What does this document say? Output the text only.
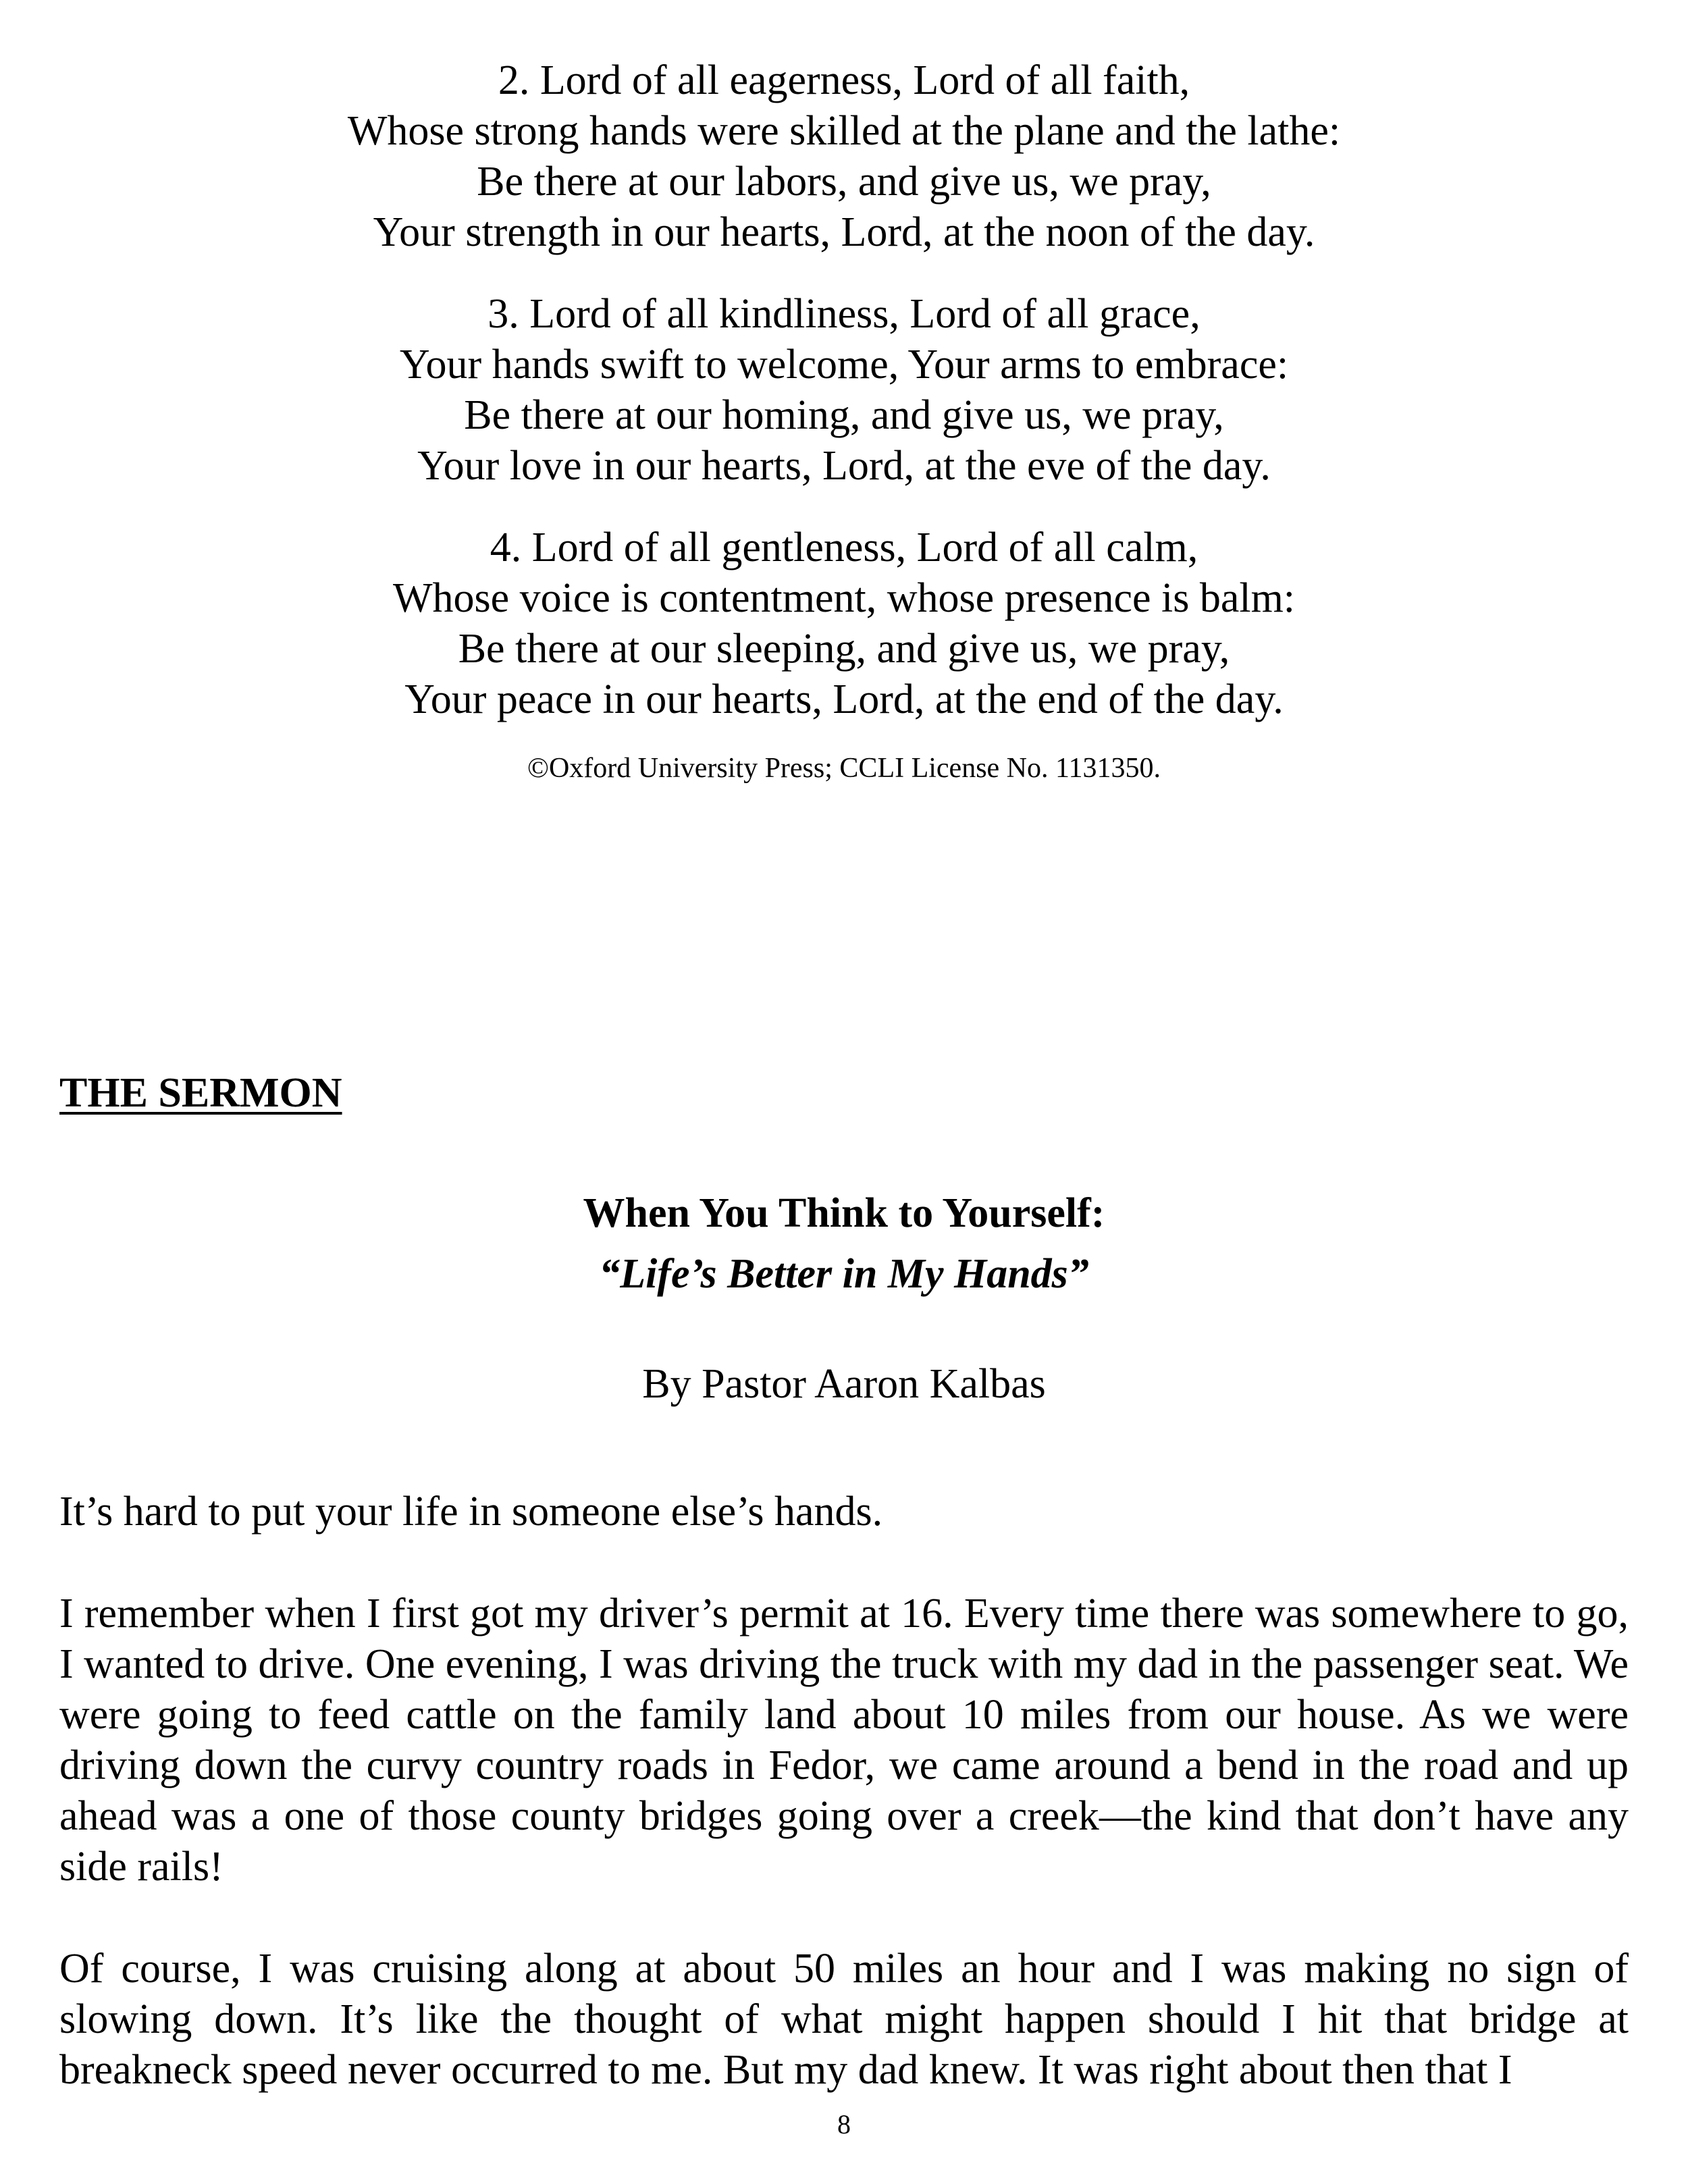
2. Lord of all eagerness, Lord of all faith,
Whose strong hands were skilled at the plane and the lathe:
Be there at our labors, and give us, we pray,
Your strength in our hearts, Lord, at the noon of the day.
3. Lord of all kindliness, Lord of all grace,
Your hands swift to welcome, Your arms to embrace:
Be there at our homing, and give us, we pray,
Your love in our hearts, Lord, at the eve of the day.
4. Lord of all gentleness, Lord of all calm,
Whose voice is contentment, whose presence is balm:
Be there at our sleeping, and give us, we pray,
Your peace in our hearts, Lord, at the end of the day.
©Oxford University Press; CCLI License No. 1131350.
THE SERMON
When You Think to Yourself:
“Life’s Better in My Hands”
By Pastor Aaron Kalbas

It’s hard to put your life in someone else’s hands.

I remember when I first got my driver’s permit at 16. Every time there was somewhere to go, I wanted to drive. One evening, I was driving the truck with my dad in the passenger seat. We were going to feed cattle on the family land about 10 miles from our house. As we were driving down the curvy country roads in Fedor, we came around a bend in the road and up ahead was a one of those county bridges going over a creek—the kind that don’t have any side rails!

Of course, I was cruising along at about 50 miles an hour and I was making no sign of slowing down. It’s like the thought of what might happen should I hit that bridge at breakneck speed never occurred to me. But my dad knew. It was right about then that I

8
